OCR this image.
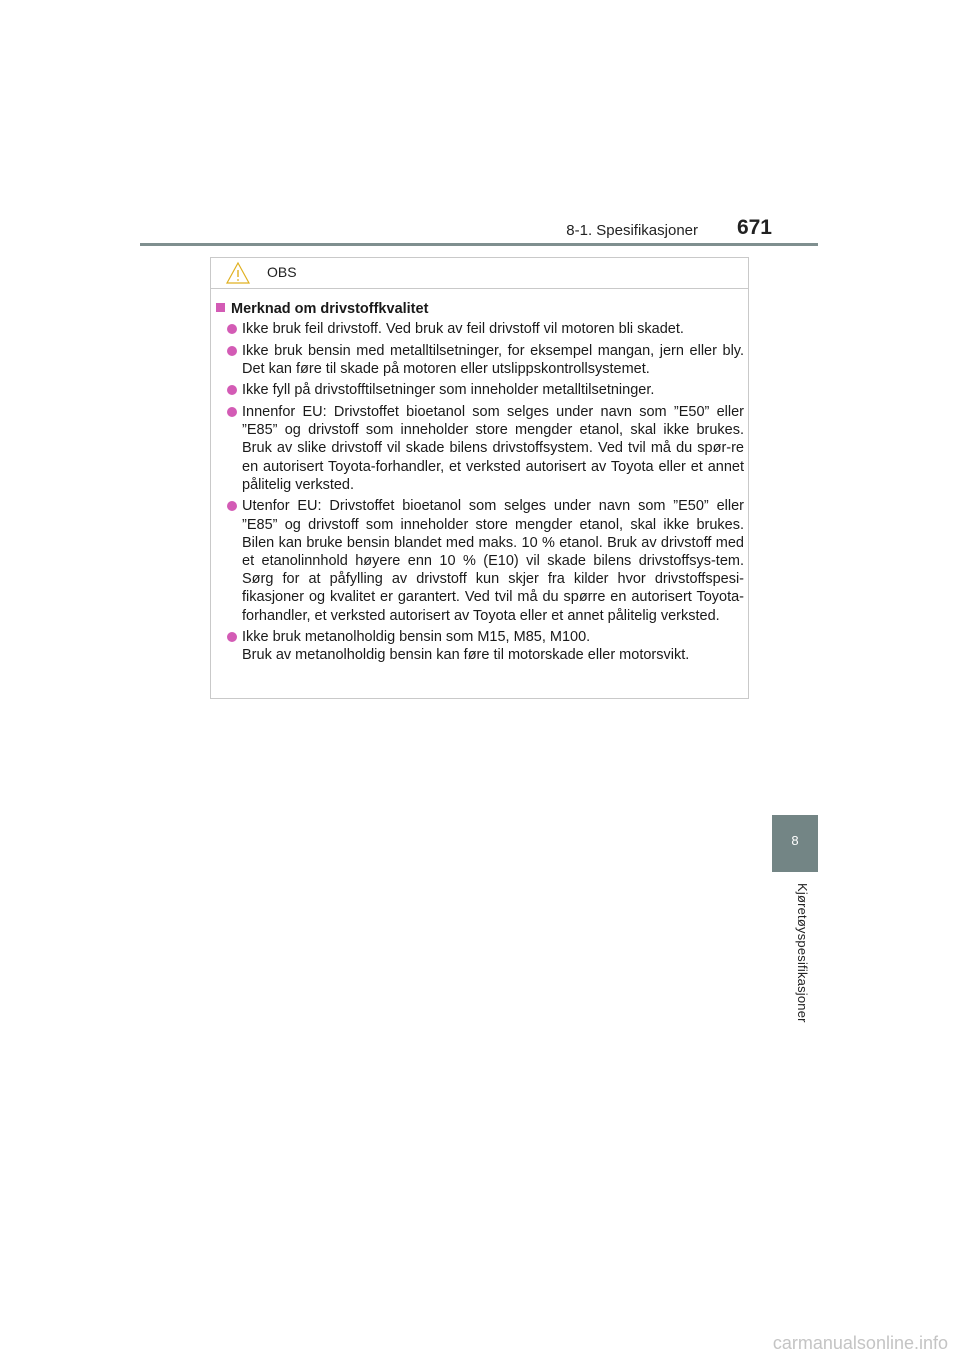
8-1. Spesifikasjoner 671
OBS
Merknad om drivstoffkvalitet
Ikke bruk feil drivstoff. Ved bruk av feil drivstoff vil motoren bli skadet.
Ikke bruk bensin med metalltilsetninger, for eksempel mangan, jern eller bly. Det kan føre til skade på motoren eller utslippskontrollsystemet.
Ikke fyll på drivstofftilsetninger som inneholder metalltilsetninger.
Innenfor EU: Drivstoffet bioetanol som selges under navn som ”E50” eller ”E85” og drivstoff som inneholder store mengder etanol, skal ikke brukes. Bruk av slike drivstoff vil skade bilens drivstoffsystem. Ved tvil må du spør-re en autorisert Toyota-forhandler, et verksted autorisert av Toyota eller et annet pålitelig verksted.
Utenfor EU: Drivstoffet bioetanol som selges under navn som ”E50” eller ”E85” og drivstoff som inneholder store mengder etanol, skal ikke brukes. Bilen kan bruke bensin blandet med maks. 10 % etanol. Bruk av drivstoff med et etanolinnhold høyere enn 10 % (E10) vil skade bilens drivstoffsys-tem. Sørg for at påfylling av drivstoff kun skjer fra kilder hvor drivstoffspesi-fikasjoner og kvalitet er garantert. Ved tvil må du spørre en autorisert Toyota-forhandler, et verksted autorisert av Toyota eller et annet pålitelig verksted.
Ikke bruk metanolholdig bensin som M15, M85, M100.
Bruk av metanolholdig bensin kan føre til motorskade eller motorsvikt.
8
Kjøretøyspesifikasjoner
carmanualsonline.info
